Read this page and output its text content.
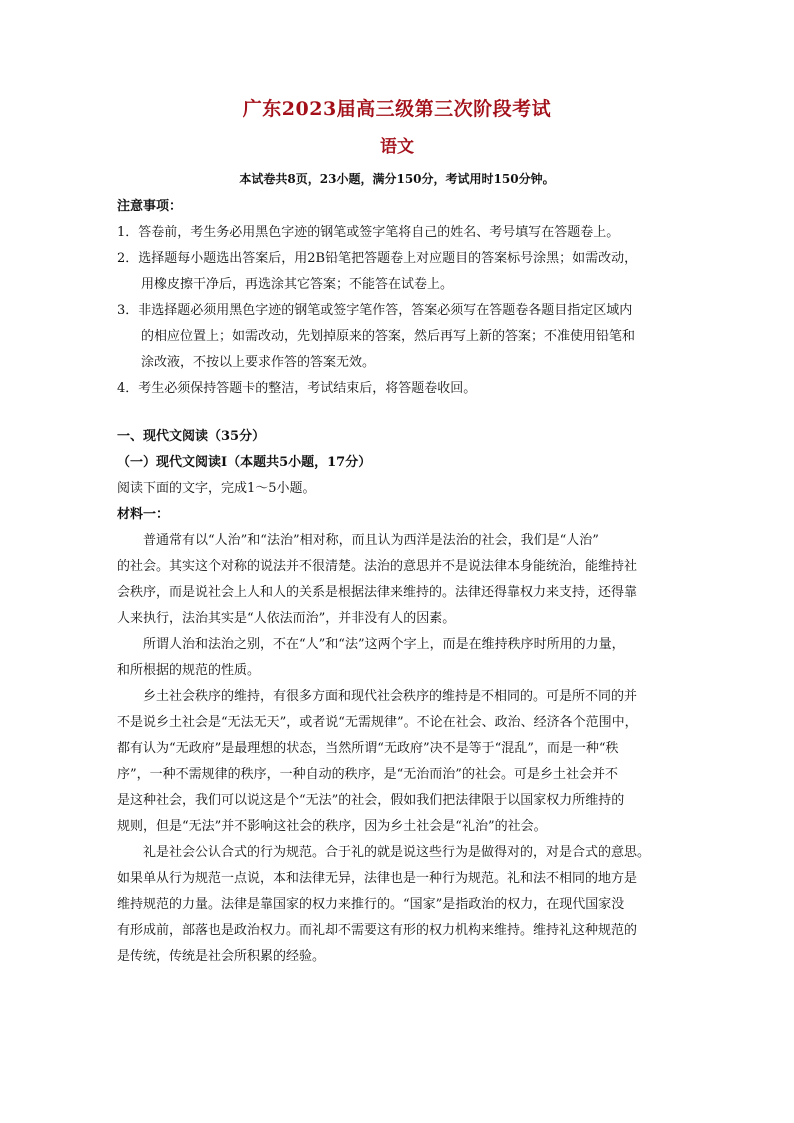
广东2023届高三级第三次阶段考试
语文
本试卷共8页，23小题，满分150分，考试用时150分钟。
注意事项：
1．答卷前，考生务必用黑色字迹的钢笔或签字笔将自己的姓名、考号填写在答题卷上。
2．选择题每小题选出答案后，用2B铅笔把答题卷上对应题目的答案标号涂黑；如需改动，
用橡皮擦干净后，再选涂其它答案；不能答在试卷上。
3．非选择题必须用黑色字迹的钢笔或签字笔作答，答案必须写在答题卷各题目指定区域内
的相应位置上；如需改动，先划掉原来的答案，然后再写上新的答案；不准使用铅笔和
涂改液，不按以上要求作答的答案无效。
4．考生必须保持答题卡的整洁，考试结束后，将答题卷收回。
一、现代文阅读（35分）
（一）现代文阅读Ⅰ（本题共5小题，17分）
阅读下面的文字，完成1～5小题。
材料一：
普通常有以“人治”和“法治”相对称，而且认为西洋是法治的社会，我们是“人治”
的社会。其实这个对称的说法并不很清楚。法治的意思并不是说法律本身能统治，能维持社
会秩序，而是说社会上人和人的关系是根据法律来维持的。法律还得靠权力来支持，还得靠
人来执行，法治其实是“人依法而治”，并非没有人的因素。
所谓人治和法治之别，不在“人”和“法”这两个字上，而是在维持秩序时所用的力量，
和所根据的规范的性质。
乡土社会秩序的维持，有很多方面和现代社会秩序的维持是不相同的。可是所不同的并
不是说乡土社会是“无法无天”，或者说“无需规律”。不论在社会、政治、经济各个范围中，
都有认为“无政府”是最理想的状态，当然所谓“无政府”决不是等于“混乱”，而是一种“秩
序”，一种不需规律的秩序，一种自动的秩序，是“无治而治”的社会。可是乡土社会并不
是这种社会，我们可以说这是个“无法”的社会，假如我们把法律限于以国家权力所维持的
规则，但是“无法”并不影响这社会的秩序，因为乡土社会是“礼治”的社会。
礼是社会公认合式的行为规范。合于礼的就是说这些行为是做得对的，对是合式的意思。
如果单从行为规范一点说，本和法律无异，法律也是一种行为规范。礼和法不相同的地方是
维持规范的力量。法律是靠国家的权力来推行的。“国家”是指政治的权力，在现代国家没
有形成前，部落也是政治权力。而礼却不需要这有形的权力机构来维持。维持礼这种规范的
是传统，传统是社会所积累的经验。
